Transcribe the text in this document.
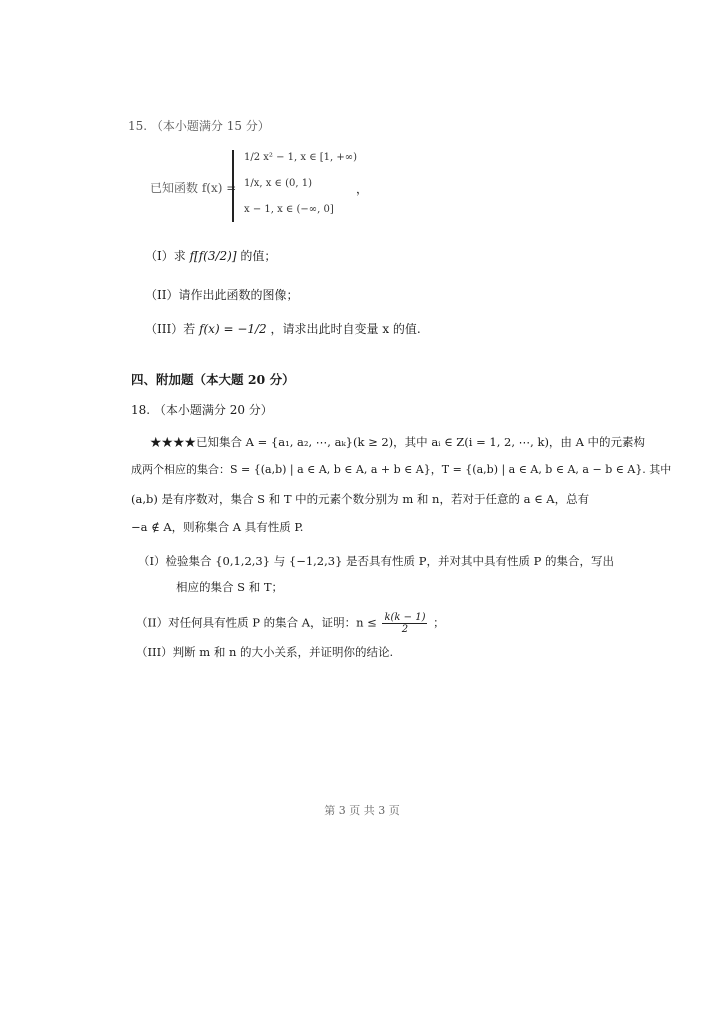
15. （本小题满分 15 分）
已知函数 f(x) =
1/2 x² − 1, x ∈ [1, +∞)
1/x, x ∈ (0, 1)
x − 1, x ∈ (−∞, 0]
，
（I）求 f[f(3/2)] 的值；
（II）请作出此函数的图像；
（III）若 f(x) = −1/2 ，请求出此时自变量 x 的值.
四、附加题（本大题 20 分）
18. （本小题满分 20 分）
★★★★已知集合 A = {a₁, a₂, ⋯, aₖ}(k ≥ 2)，其中 aᵢ ∈ Z(i = 1, 2, ⋯, k)，由 A 中的元素构
成两个相应的集合：S = {(a,b) | a ∈ A, b ∈ A, a + b ∈ A}，T = {(a,b) | a ∈ A, b ∈ A, a − b ∈ A}. 其中
(a,b) 是有序数对，集合 S 和 T 中的元素个数分别为 m 和 n，若对于任意的 a ∈ A，总有
−a ∉ A，则称集合 A 具有性质 P.
（I）检验集合 {0,1,2,3} 与 {−1,2,3} 是否具有性质 P，并对其中具有性质 P 的集合，写出
相应的集合 S 和 T；
（II）对任何具有性质 P 的集合 A，证明：$n \le \frac{k(k - 1)}{2}$ ；
（III）判断 m 和 n 的大小关系，并证明你的结论.
第 3 页 共 3 页
